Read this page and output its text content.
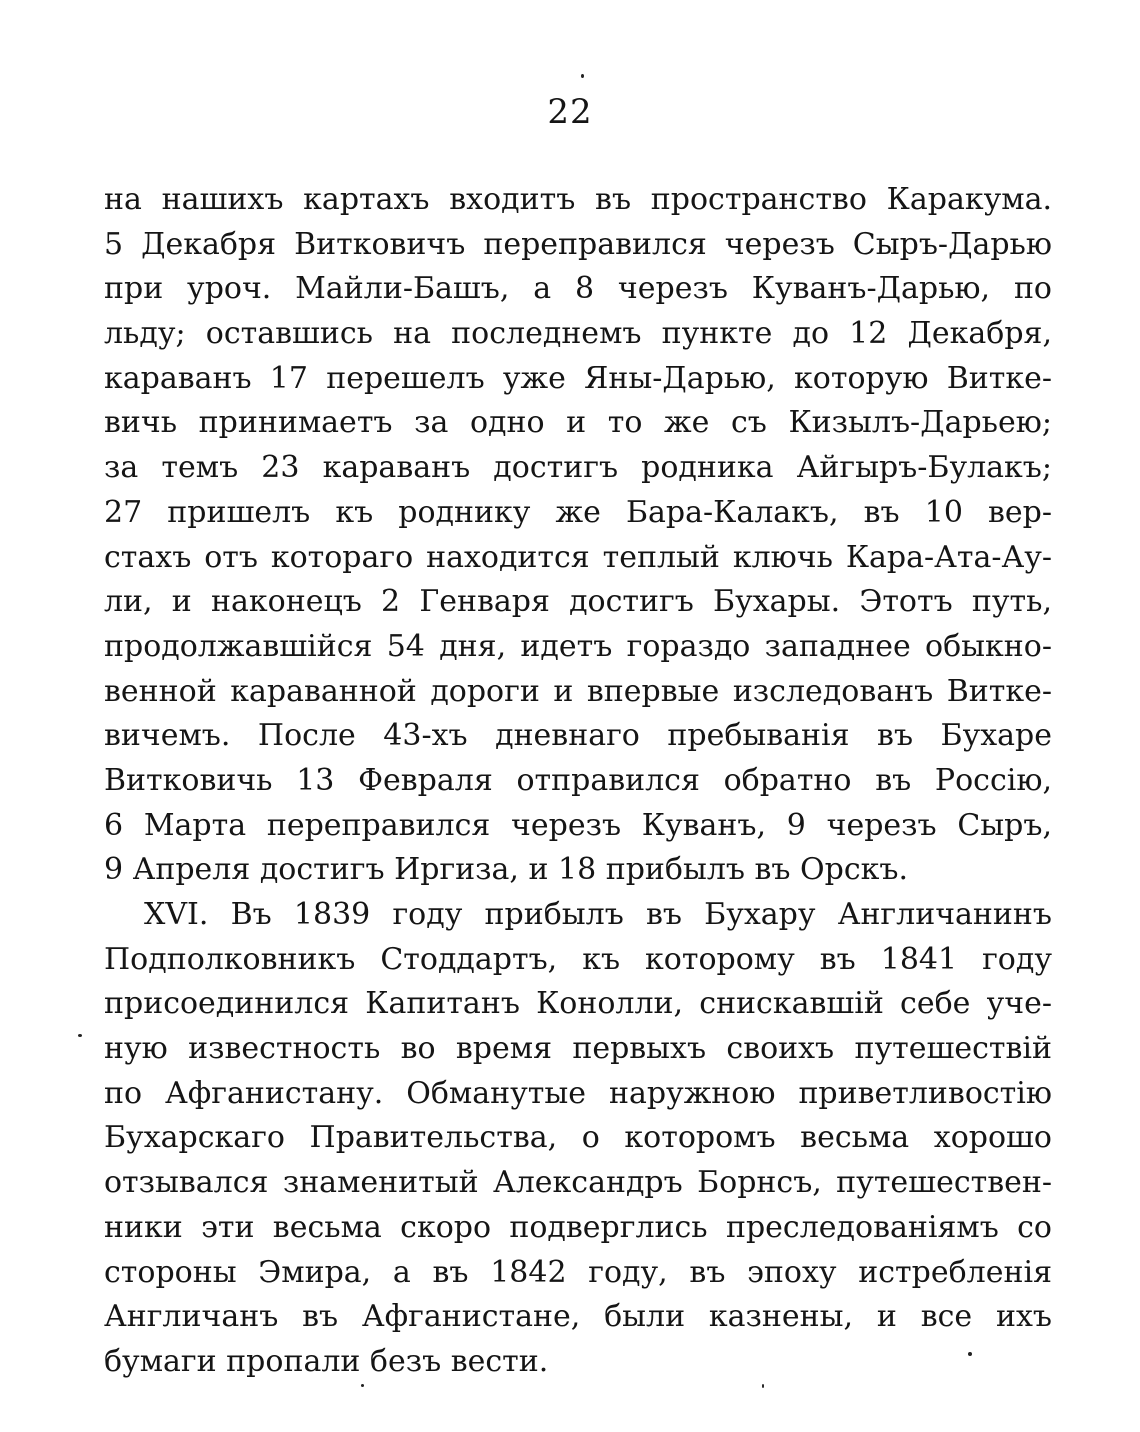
22
на нашихъ картахъ входитъ въ пространство Каракума.
5 Декабря Витковичъ переправился черезъ Сыръ-Дарью
при уроч. Майли-Башъ, а 8 черезъ Куванъ-Дарью, по
льду; оставшись на последнемъ пункте до 12 Декабря,
караванъ 17 перешелъ уже Яны-Дарью, которую Витке-
вичь принимаетъ за одно и то же съ Кизылъ-Дарьею;
за темъ 23 караванъ достигъ родника Айгыръ-Булакъ;
27 пришелъ къ роднику же Бара-Калакъ, въ 10 вер-
стахъ отъ котораго находится теплый ключь Кара-Ата-Ау-
ли, и наконецъ 2 Генваря достигъ Бухары. Этотъ путь,
продолжавшiйся 54 дня, идетъ гораздо западнее обыкно-
венной караванной дороги и впервые изследованъ Витке-
вичемъ. После 43-хъ дневнаго пребыванiя въ Бухаре
Витковичь 13 Февраля отправился обратно въ Россiю,
6 Марта переправился черезъ Куванъ, 9 черезъ Сыръ,
9 Апреля достигъ Иргиза, и 18 прибылъ въ Орскъ.
XVI. Въ 1839 году прибылъ въ Бухару Англичанинъ
Подполковникъ Стоддартъ, къ которому въ 1841 году
присоединился Капитанъ Конолли, снискавшiй себе уче-
ную известность во время первыхъ своихъ путешествiй
по Афганистану. Обманутые наружною приветливостiю
Бухарскаго Правительства, о которомъ весьма хорошо
отзывался знаменитый Александръ Борнсъ, путешествен-
ники эти весьма скоро подверглись преследованiямъ со
стороны Эмира, а въ 1842 году, въ эпоху истребленiя
Англичанъ въ Афганистане, были казнены, и все ихъ
бумаги пропали безъ вести.
